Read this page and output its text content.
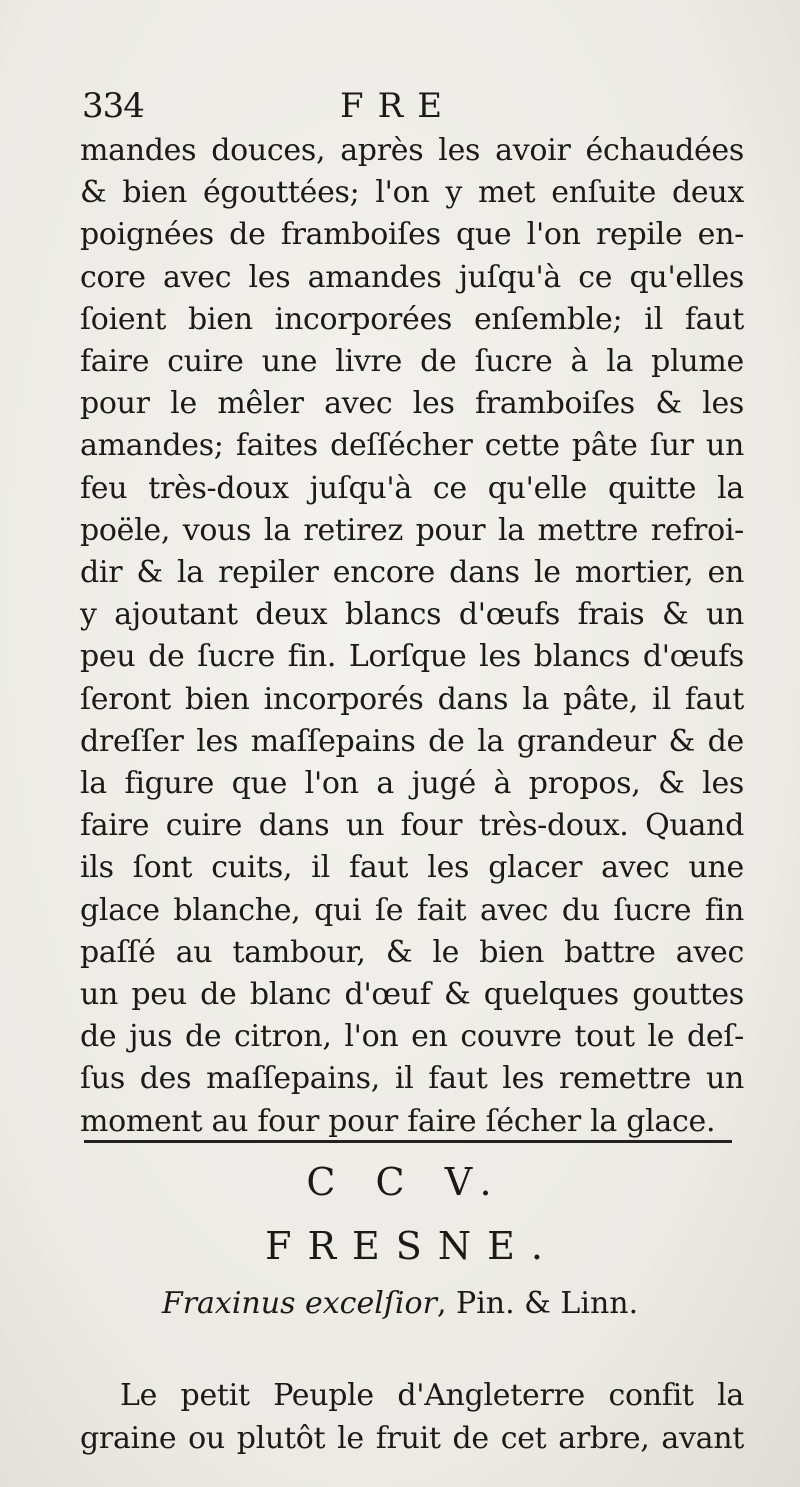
334	FRE
mandes douces, après les avoir échaudées
& bien égouttées; l'on y met enſuite deux
poignées de framboiſes que l'on repile en-
core avec les amandes juſqu'à ce qu'elles
ſoient bien incorporées enſemble; il faut
faire cuire une livre de ſucre à la plume
pour le mêler avec les framboiſes & les
amandes; faites deſſécher cette pâte ſur un
feu très-doux juſqu'à ce qu'elle quitte la
poële, vous la retirez pour la mettre refroi-
dir & la repiler encore dans le mortier, en
y ajoutant deux blancs d'œufs frais & un
peu de ſucre fin. Lorſque les blancs d'œufs
ſeront bien incorporés dans la pâte, il faut
dreſſer les maſſepains de la grandeur & de
la figure que l'on a jugé à propos, & les
faire cuire dans un four très-doux. Quand
ils ſont cuits, il faut les glacer avec une
glace blanche, qui ſe fait avec du ſucre fin
paſſé au tambour, & le bien battre avec
un peu de blanc d'œuf & quelques gouttes
de jus de citron, l'on en couvre tout le deſ-
ſus des maſſepains, il faut les remettre un
moment au four pour faire ſécher la glace.
C C V.
FRESNE.
Fraxinus excelſior, Pin. & Linn.
Le petit Peuple d'Angleterre confit la
graine ou plutôt le fruit de cet arbre, avant
